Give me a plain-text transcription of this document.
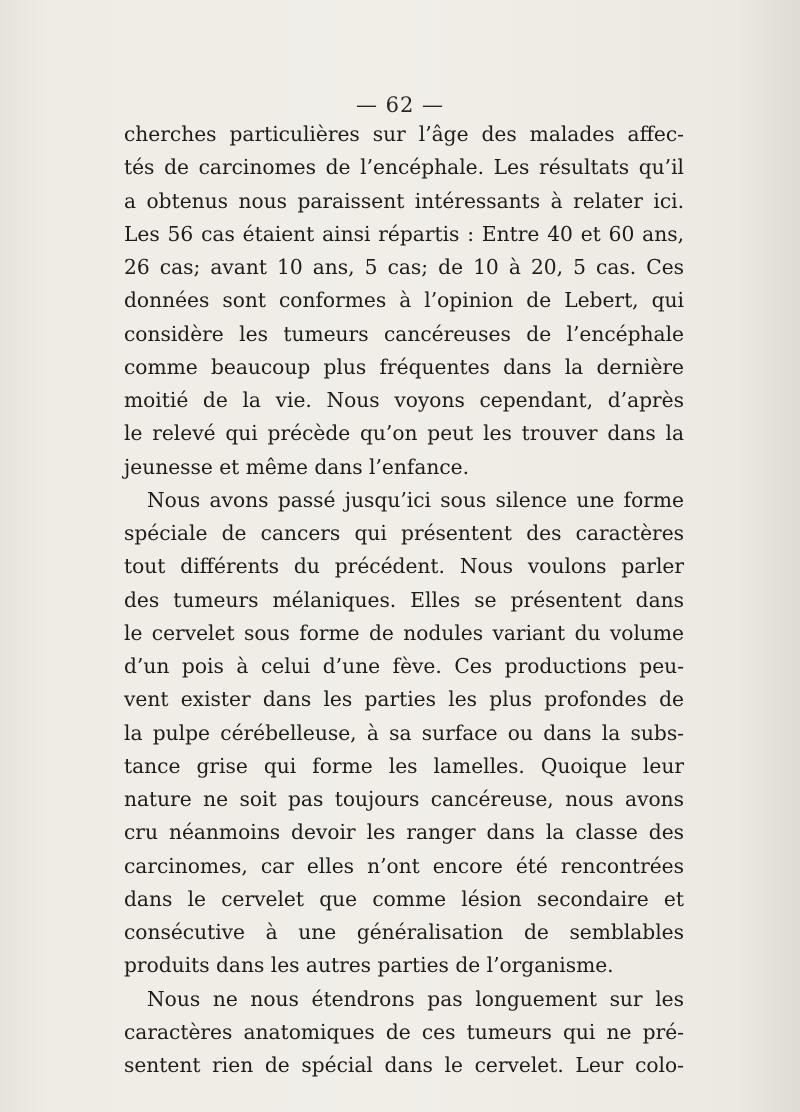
— 62 —
cherches particulières sur l’âge des malades affec-
tés de carcinomes de l’encéphale. Les résultats qu’il
a obtenus nous paraissent intéressants à relater ici.
Les 56 cas étaient ainsi répartis : Entre 40 et 60 ans,
26 cas; avant 10 ans, 5 cas; de 10 à 20, 5 cas. Ces
données sont conformes à l’opinion de Lebert, qui
considère les tumeurs cancéreuses de l’encéphale
comme beaucoup plus fréquentes dans la dernière
moitié de la vie. Nous voyons cependant, d’après
le relevé qui précède qu’on peut les trouver dans la
jeunesse et même dans l’enfance.
Nous avons passé jusqu’ici sous silence une forme
spéciale de cancers qui présentent des caractères
tout différents du précédent. Nous voulons parler
des tumeurs mélaniques. Elles se présentent dans
le cervelet sous forme de nodules variant du volume
d’un pois à celui d’une fève. Ces productions peu-
vent exister dans les parties les plus profondes de
la pulpe cérébelleuse, à sa surface ou dans la subs-
tance grise qui forme les lamelles. Quoique leur
nature ne soit pas toujours cancéreuse, nous avons
cru néanmoins devoir les ranger dans la classe des
carcinomes, car elles n’ont encore été rencontrées
dans le cervelet que comme lésion secondaire et
consécutive à une généralisation de semblables
produits dans les autres parties de l’organisme.
Nous ne nous étendrons pas longuement sur les
caractères anatomiques de ces tumeurs qui ne pré-
sentent rien de spécial dans le cervelet. Leur colo-
